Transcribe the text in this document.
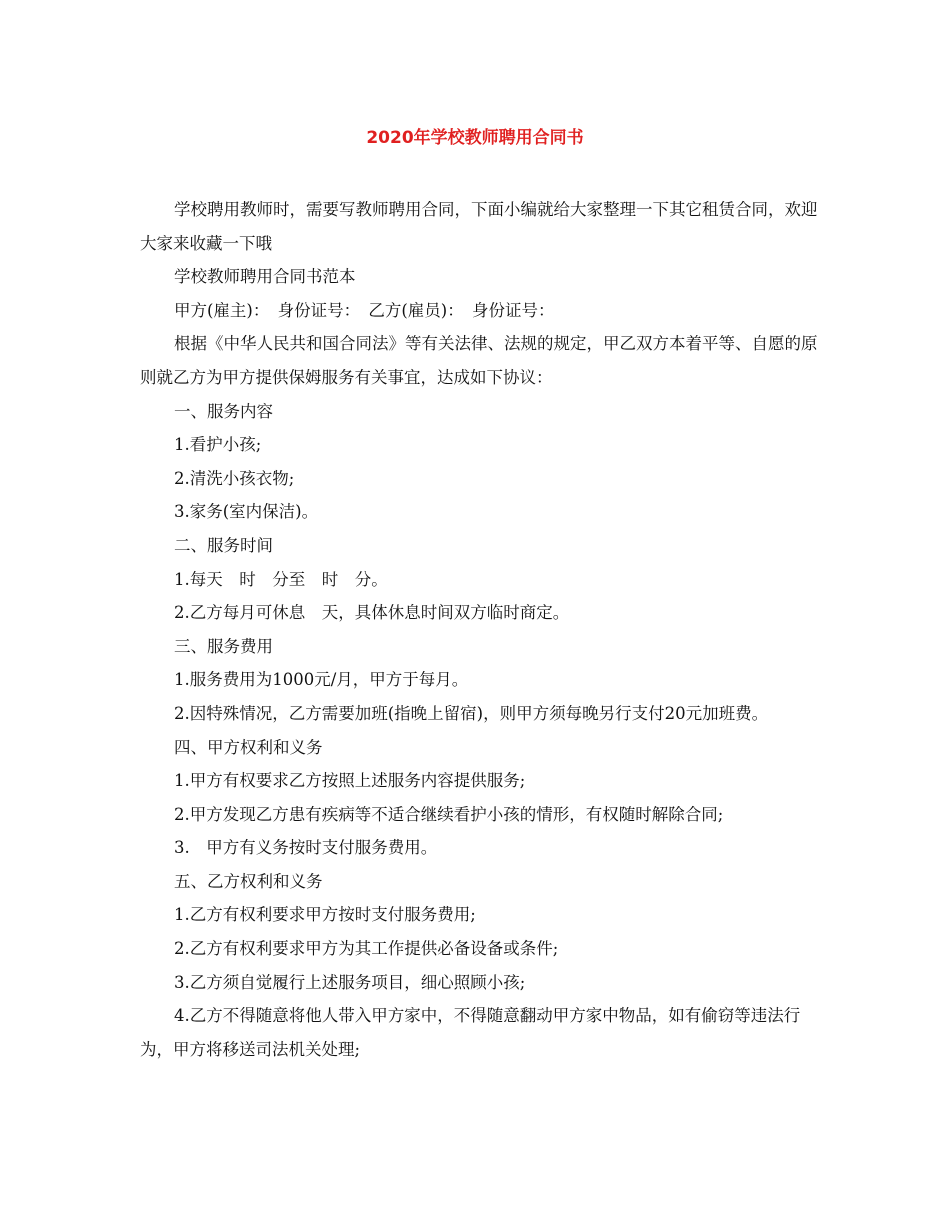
2020年学校教师聘用合同书

学校聘用教师时，需要写教师聘用合同，下面小编就给大家整理一下其它租赁合同，欢迎大家来收藏一下哦

学校教师聘用合同书范本

甲方(雇主)：　身份证号：　乙方(雇员)：　身份证号：

根据《中华人民共和国合同法》等有关法律、法规的规定，甲乙双方本着平等、自愿的原则就乙方为甲方提供保姆服务有关事宜，达成如下协议：

一、服务内容

1.看护小孩;

2.清洗小孩衣物;

3.家务(室内保洁)。

二、服务时间

1.每天　时　分至　时　分。

2.乙方每月可休息　天，具体休息时间双方临时商定。

三、服务费用

1.服务费用为1000元/月，甲方于每月。

2.因特殊情况，乙方需要加班(指晚上留宿)，则甲方须每晚另行支付20元加班费。

四、甲方权利和义务

1.甲方有权要求乙方按照上述服务内容提供服务;

2.甲方发现乙方患有疾病等不适合继续看护小孩的情形，有权随时解除合同;

3.　甲方有义务按时支付服务费用。

五、乙方权利和义务

1.乙方有权利要求甲方按时支付服务费用;

2.乙方有权利要求甲方为其工作提供必备设备或条件;

3.乙方须自觉履行上述服务项目，细心照顾小孩;

4.乙方不得随意将他人带入甲方家中，不得随意翻动甲方家中物品，如有偷窃等违法行为，甲方将移送司法机关处理;
